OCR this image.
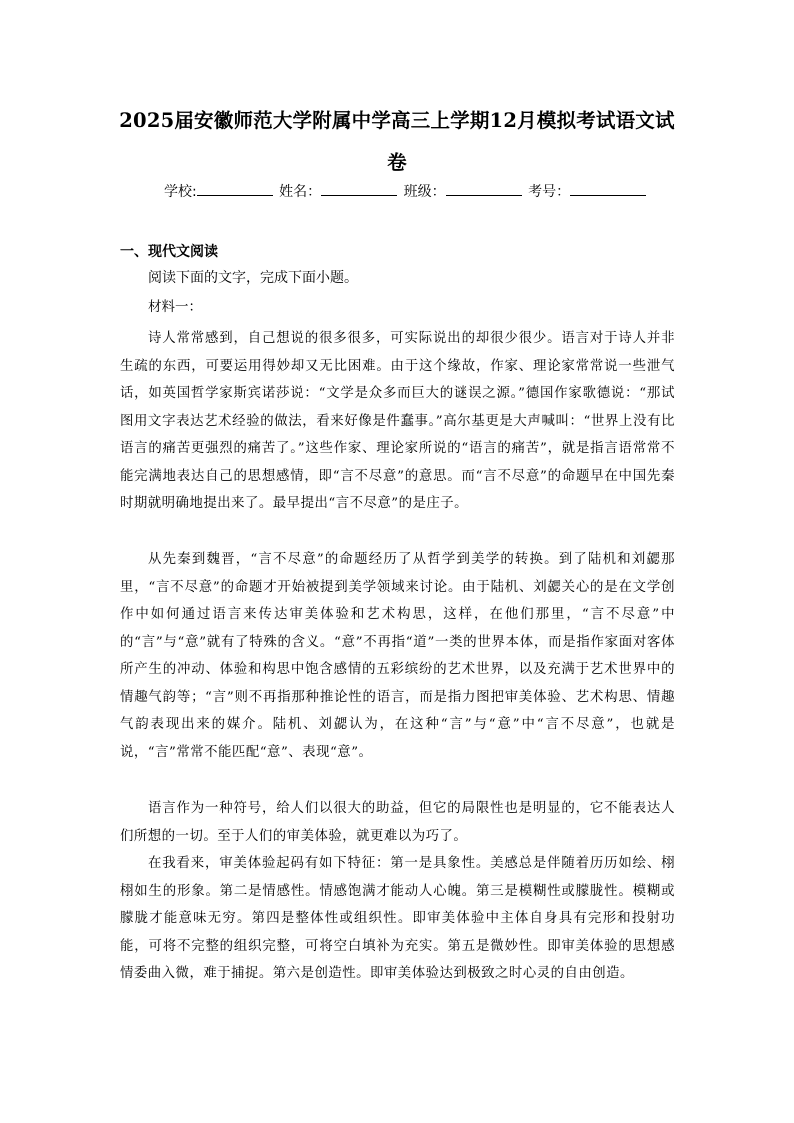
2025届安徽师范大学附属中学高三上学期12月模拟考试语文试卷
学校:	姓名：	班级：	考号：
一、现代文阅读
阅读下面的文字，完成下面小题。
材料一：

诗人常常感到，自己想说的很多很多，可实际说出的却很少很少。语言对于诗人并非生疏的东西，可要运用得妙却又无比困难。由于这个缘故，作家、理论家常常说一些泄气话，如英国哲学家斯宾诺莎说：“文学是众多而巨大的谜误之源。”德国作家歌德说：“那试图用文字表达艺术经验的做法，看来好像是件蠢事。”高尔基更是大声喊叫：“世界上没有比语言的痛苦更强烈的痛苦了。”这些作家、理论家所说的“语言的痛苦”，就是指言语常常不能完满地表达自己的思想感情，即“言不尽意”的意思。而“言不尽意”的命题早在中国先秦时期就明确地提出来了。最早提出“言不尽意”的是庄子。

从先秦到魏晋，“言不尽意”的命题经历了从哲学到美学的转换。到了陆机和刘勰那里，“言不尽意”的命题才开始被提到美学领域来讨论。由于陆机、刘勰关心的是在文学创作中如何通过语言来传达审美体验和艺术构思，这样，在他们那里，“言不尽意”中的“言”与“意”就有了特殊的含义。“意”不再指“道”一类的世界本体，而是指作家面对客体所产生的冲动、体验和构思中饱含感情的五彩缤纷的艺术世界，以及充满于艺术世界中的情趣气韵等；“言”则不再指那种推论性的语言，而是指力图把审美体验、艺术构思、情趣气韵表现出来的媒介。陆机、刘勰认为，在这种“言”与“意”中“言不尽意”，也就是说，“言”常常不能匹配“意”、表现“意”。

语言作为一种符号，给人们以很大的助益，但它的局限性也是明显的，它不能表达人们所想的一切。至于人们的审美体验，就更难以为巧了。

在我看来，审美体验起码有如下特征：第一是具象性。美感总是伴随着历历如绘、栩栩如生的形象。第二是情感性。情感饱满才能动人心魄。第三是模糊性或朦胧性。模糊或朦胧才能意味无穷。第四是整体性或组织性。即审美体验中主体自身具有完形和投射功能，可将不完整的组织完整，可将空白填补为充实。第五是微妙性。即审美体验的思想感情委曲入微，难于捕捉。第六是创造性。即审美体验达到极致之时心灵的自由创造。
